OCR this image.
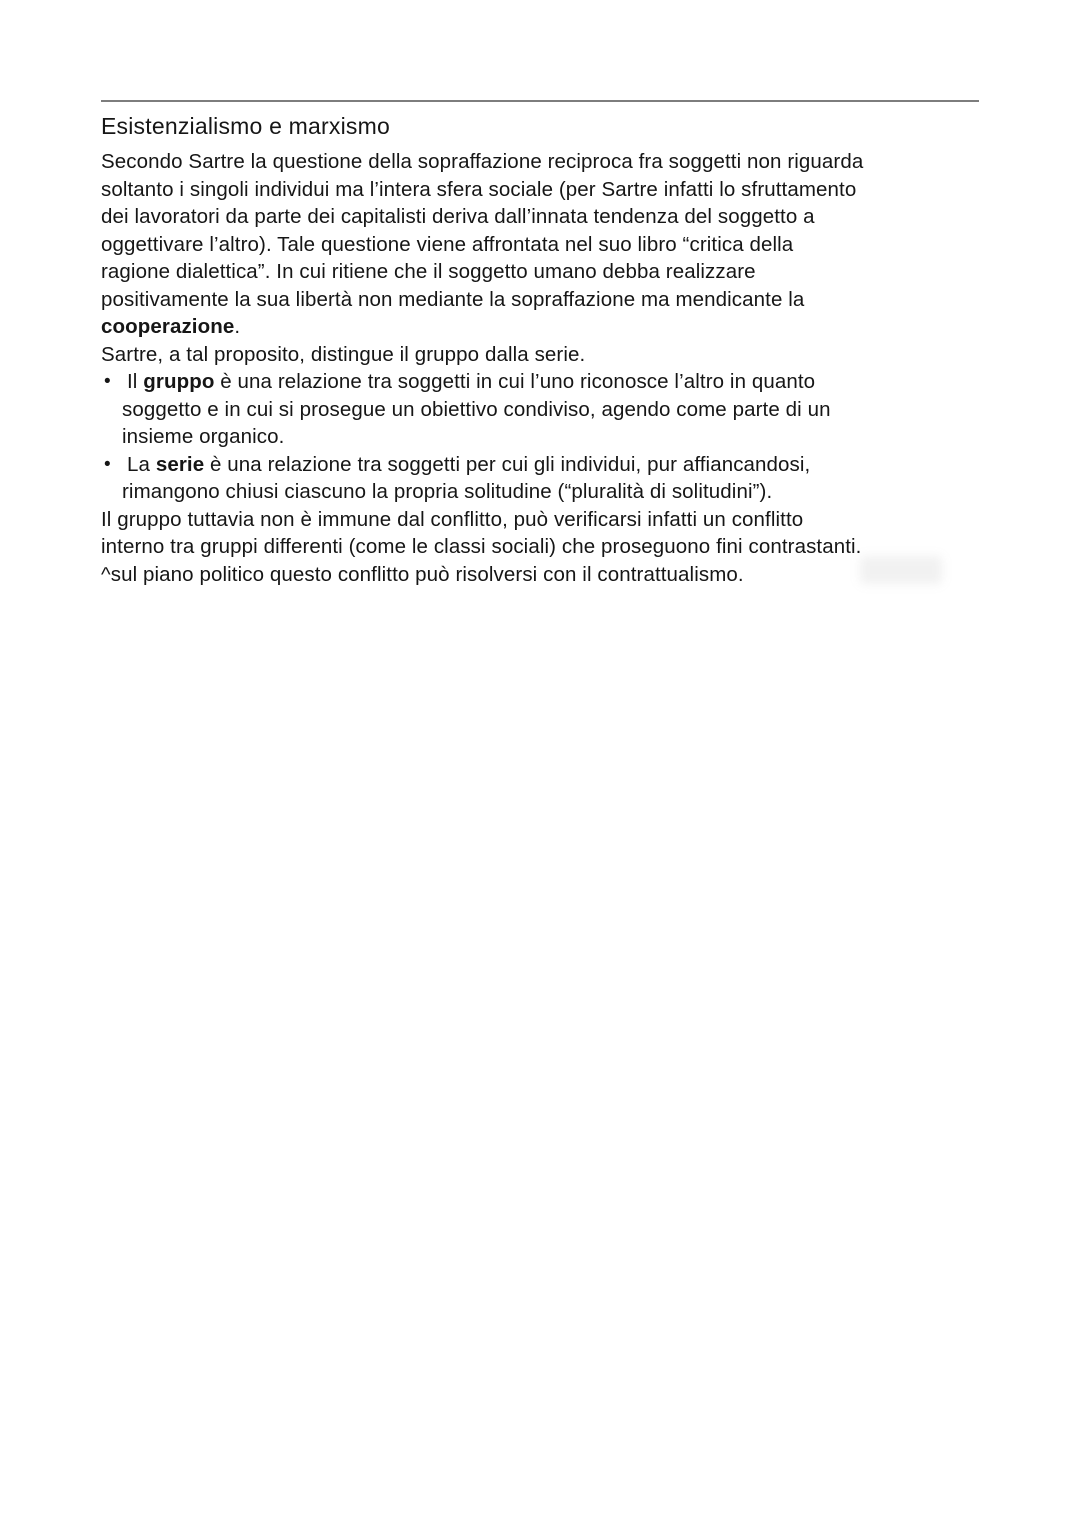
Esistenzialismo e marxismo
Secondo Sartre la questione della sopraffazione reciproca fra soggetti non riguarda
soltanto i singoli individui ma l’intera sfera sociale (per Sartre infatti lo sfruttamento
dei lavoratori da parte dei capitalisti deriva dall’innata tendenza del soggetto a
oggettivare l’altro). Tale questione viene affrontata nel suo libro “critica della
ragione dialettica”. In cui ritiene che il soggetto umano debba realizzare
positivamente la sua libertà non mediante la sopraffazione ma mendicante la
cooperazione.
Sartre, a tal proposito, distingue il gruppo dalla serie.
• Il gruppo è una relazione tra soggetti in cui l’uno riconosce l’altro in quanto
soggetto e in cui si prosegue un obiettivo condiviso, agendo come parte di un
insieme organico.
• La serie è una relazione tra soggetti per cui gli individui, pur affiancandosi,
rimangono chiusi ciascuno la propria solitudine (“pluralità di solitudini”).
Il gruppo tuttavia non è immune dal conflitto, può verificarsi infatti un conflitto
interno tra gruppi differenti (come le classi sociali) che proseguono fini contrastanti.
^sul piano politico questo conflitto può risolversi con il contrattualismo.
